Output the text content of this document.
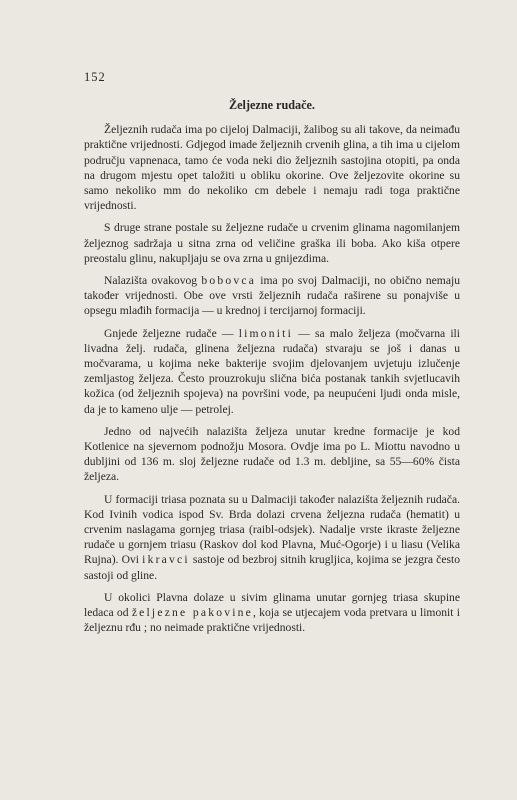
152
Željezne rudače.

Željeznih rudača ima po cijeloj Dalmaciji, žalibog su ali takove, da neimađu praktične vrijednosti. Gdjegod imade željeznih crvenih glina, a tih ima u cijelom području vapnenaca, tamo će voda neki dio željeznih sastojina otopiti, pa onda na drugom mjestu opet taložiti u obliku okorine. Ove željezovite okorine su samo nekoliko mm do nekoliko cm debele i nemaju radi toga praktične vrijednosti.

S druge strane postale su željezne rudače u crvenim glinama nagomilanjem željeznog sadržaja u sitna zrna od veličine graška ili boba. Ako kiša otpere preostalu glinu, nakupljaju se ova zrna u gnijezdima.

Nalazišta ovakovog bobovca ima po svoj Dalmaciji, no obično nemaju također vrijednosti. Obe ove vrsti željeznih rudača raširene su ponajviše u opsegu mlađih formacija — u krednoj i tercijarnoj formaciji.

Gnjede željezne rudače — limoniti — sa malo željeza (močvarna ili livadna želj. rudača, glinena željezna rudača) stvaraju se još i danas u močvarama, u kojima neke bakterije svojim djelovanjem uvjetuju izlučenje zemljastog željeza. Često prouzrokuju slična bića postanak tankih svjetlucavih kožica (od željeznih spojeva) na površini vode, pa neupućeni ljudi onda misle, da je to kameno ulje — petrolej.

Jedno od najvećih nalazišta željeza unutar kredne formacije je kod Kotlenice na sjevernom podnožju Mosora. Ovdje ima po L. Miottu navodno u dubljini od 136 m. sloj željezne rudače od 1.3 m. debljine, sa 55—60% čista željeza.

U formaciji triasa poznata su u Dalmaciji također nalazišta željeznih rudača. Kod Ivinih vodica ispod Sv. Brda dolazi crvena željezna rudača (hematit) u crvenim naslagama gornjeg triasa (raibl-odsjek). Nadalje vrste ikraste željezne rudače u gornjem triasu (Raskov dol kod Plavna, Muć-Ogorje) i u liasu (Velika Rujna). Ovi ikravci sastoje od bezbroj sitnih krugljica, kojima se jezgra često sastoji od gline.

U okolici Plavna dolaze u sivim glinama unutar gornjeg triasa skupine ledaca od željezne pakovine, koja se utjecajem voda pretvara u limonit i željeznu rđu ; no neimade praktične vrijednosti.
